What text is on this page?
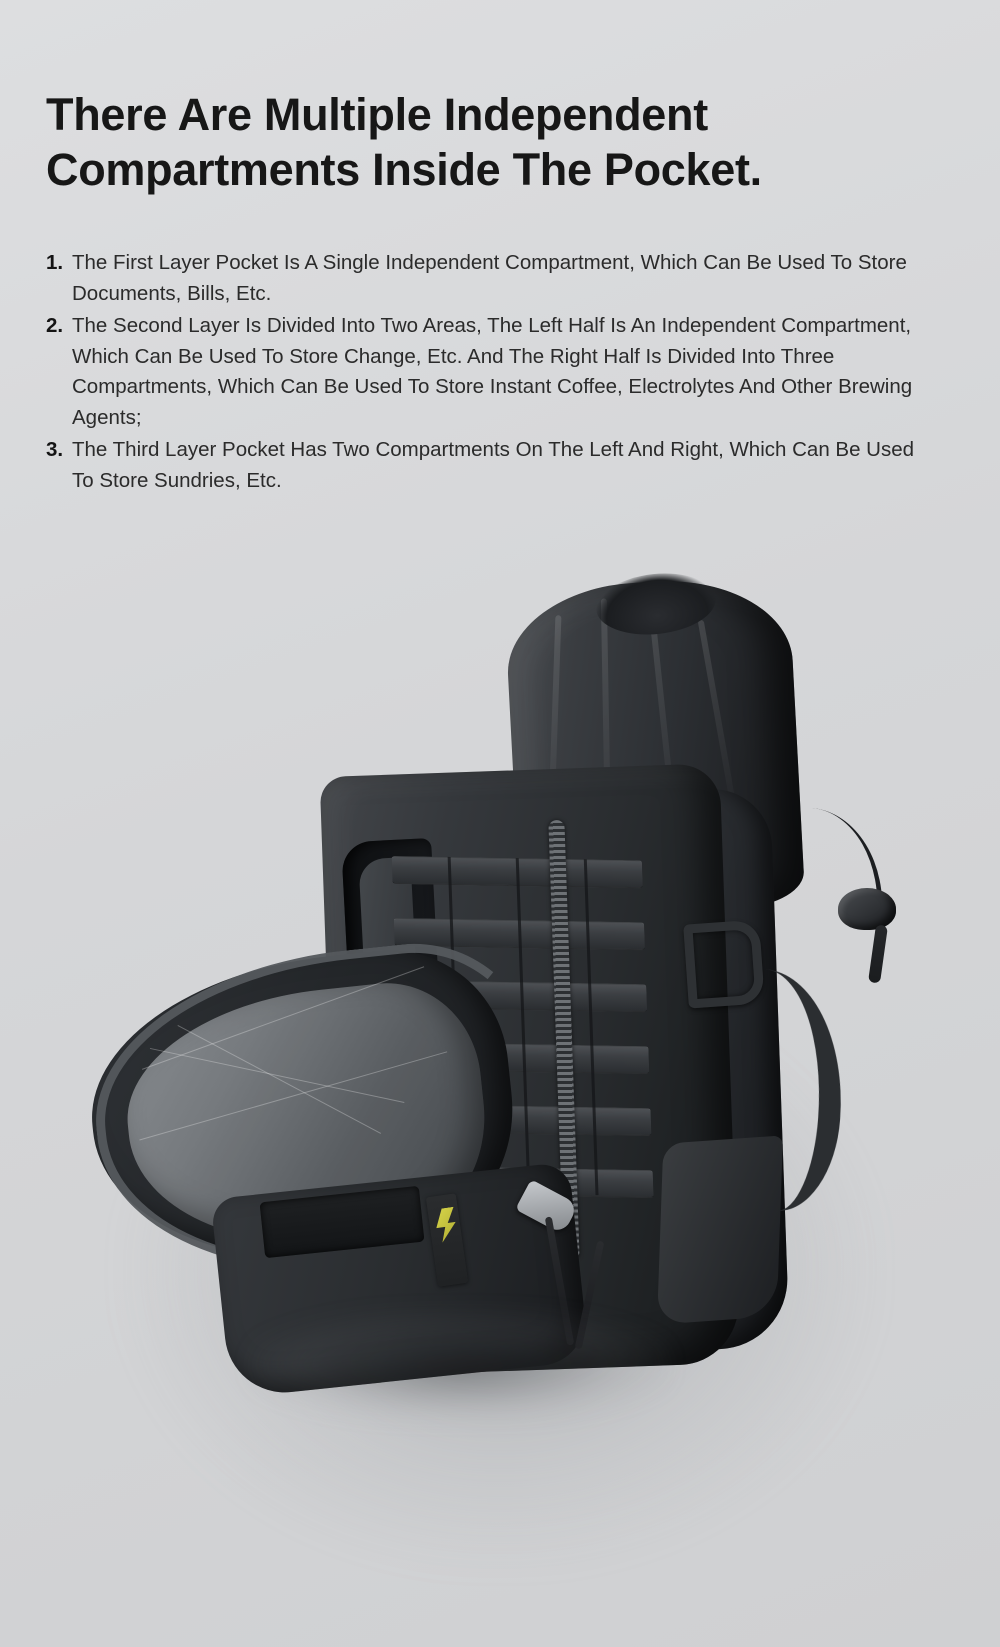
There Are Multiple Independent
Compartments Inside The Pocket.
1. The First Layer Pocket Is A Single Independent Compartment, Which Can Be Used To Store Documents, Bills, Etc.
2. The Second Layer Is Divided Into Two Areas, The Left Half Is An Independent Compartment, Which Can Be Used To Store Change, Etc. And The Right Half Is Divided Into Three Compartments, Which Can Be Used To Store Instant Coffee, Electrolytes And Other Brewing Agents;
3. The Third Layer Pocket Has Two Compartments On The Left And Right, Which Can Be Used To Store Sundries, Etc.
